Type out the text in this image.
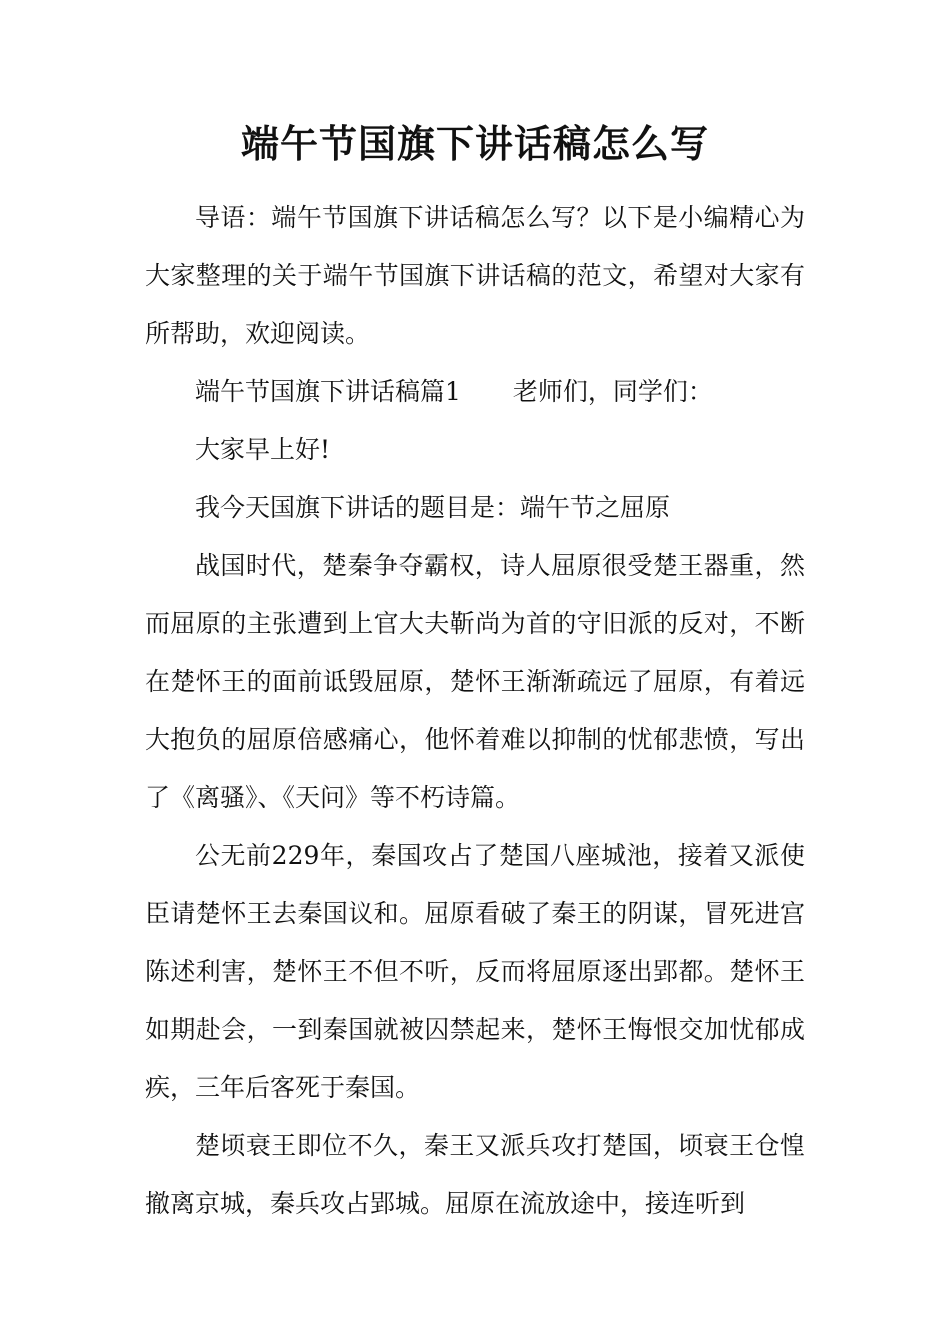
端午节国旗下讲话稿怎么写

导语：端午节国旗下讲话稿怎么写？以下是小编精心为大家整理的关于端午节国旗下讲话稿的范文，希望对大家有所帮助，欢迎阅读。

端午节国旗下讲话稿篇1 老师们，同学们：

大家早上好!

我今天国旗下讲话的题目是：端午节之屈原

战国时代，楚秦争夺霸权，诗人屈原很受楚王器重，然而屈原的主张遭到上官大夫靳尚为首的守旧派的反对，不断在楚怀王的面前诋毁屈原，楚怀王渐渐疏远了屈原，有着远大抱负的屈原倍感痛心，他怀着难以抑制的忧郁悲愤，写出了《离骚》、《天问》等不朽诗篇。

公无前229年，秦国攻占了楚国八座城池，接着又派使臣请楚怀王去秦国议和。屈原看破了秦王的阴谋，冒死进宫陈述利害，楚怀王不但不听，反而将屈原逐出郢都。楚怀王如期赴会，一到秦国就被囚禁起来，楚怀王悔恨交加忧郁成疾，三年后客死于秦国。

楚顷衰王即位不久，秦王又派兵攻打楚国，顷衰王仓惶撤离京城，秦兵攻占郢城。屈原在流放途中，接连听到
